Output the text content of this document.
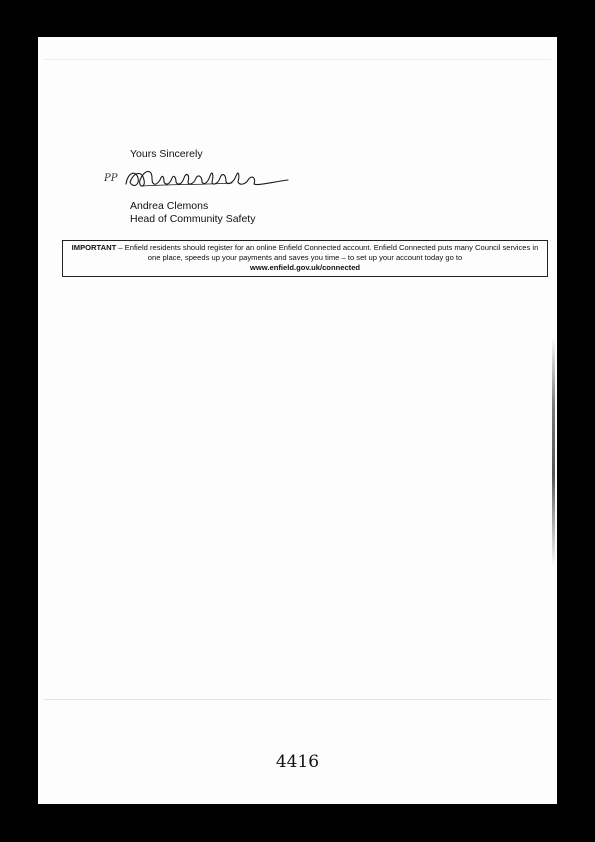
Yours Sincerely
PP
Andrea Clemons
Head of Community Safety
IMPORTANT – Enfield residents should register for an online Enfield Connected account. Enfield Connected puts many Council services in one place, speeds up your payments and saves you time – to set up your account today go to
www.enfield.gov.uk/connected
4416
